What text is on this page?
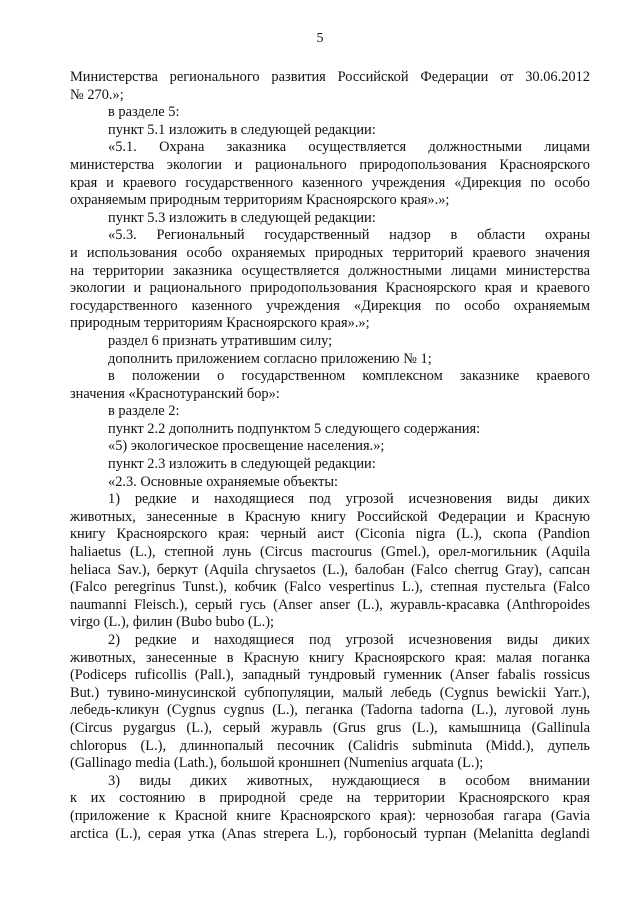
5
Министерства регионального развития Российской Федерации от 30.06.2012
№ 270.»;
в разделе 5:
пункт 5.1 изложить в следующей редакции:
«5.1. Охрана заказника осуществляется должностными лицами
министерства экологии и рационального природопользования Красноярского
края и краевого государственного казенного учреждения «Дирекция по особо
охраняемым природным территориям Красноярского края».»;
пункт 5.3 изложить в следующей редакции:
«5.3. Региональный государственный надзор в области охраны
и использования особо охраняемых природных территорий краевого значения
на территории заказника осуществляется должностными лицами министерства
экологии и рационального природопользования Красноярского края и краевого
государственного казенного учреждения «Дирекция по особо охраняемым
природным территориям Красноярского края».»;
раздел 6 признать утратившим силу;
дополнить приложением согласно приложению № 1;
в положении о государственном комплексном заказнике краевого
значения «Краснотуранский бор»:
в разделе 2:
пункт 2.2 дополнить подпунктом 5 следующего содержания:
«5) экологическое просвещение населения.»;
пункт 2.3 изложить в следующей редакции:
«2.3. Основные охраняемые объекты:
1) редкие и находящиеся под угрозой исчезновения виды диких
животных, занесенные в Красную книгу Российской Федерации и Красную
книгу Красноярского края: черный аист (Ciconia nigra (L.), скопа (Pandion
haliaetus (L.), степной лунь (Circus macrourus (Gmel.), орел-могильник (Aquila
heliaca Sav.), беркут (Aquila chrysaetos (L.), балобан (Falco cherrug Gray), сапсан
(Falco peregrinus Tunst.), кобчик (Falco vespertinus L.), степная пустельга (Falco
naumanni Fleisch.), серый гусь (Anser anser (L.), журавль-красавка (Anthropoides
virgo (L.), филин (Bubo bubo (L.);
2) редкие и находящиеся под угрозой исчезновения виды диких
животных, занесенные в Красную книгу Красноярского края: малая поганка
(Podiceps ruficollis (Pall.), западный тундровый гуменник (Anser fabalis rossicus
But.) тувино-минусинской субпопуляции, малый лебедь (Cygnus bewickii Yarr.),
лебедь-кликун (Cygnus cygnus (L.), пеганка (Tadorna tadorna (L.), луговой лунь
(Circus pygargus (L.), серый журавль (Grus grus (L.), камышница (Gallinula
chloropus (L.), длиннопалый песочник (Calidris subminuta (Midd.), дупель
(Gallinago media (Lath.), большой кроншнеп (Numenius arquata (L.);
3) виды диких животных, нуждающиеся в особом внимании
к их состоянию в природной среде на территории Красноярского края
(приложение к Красной книге Красноярского края): чернозобая гагара (Gavia
arctica (L.), серая утка (Anas strepera L.), горбоносый турпан (Melanitta deglandi
